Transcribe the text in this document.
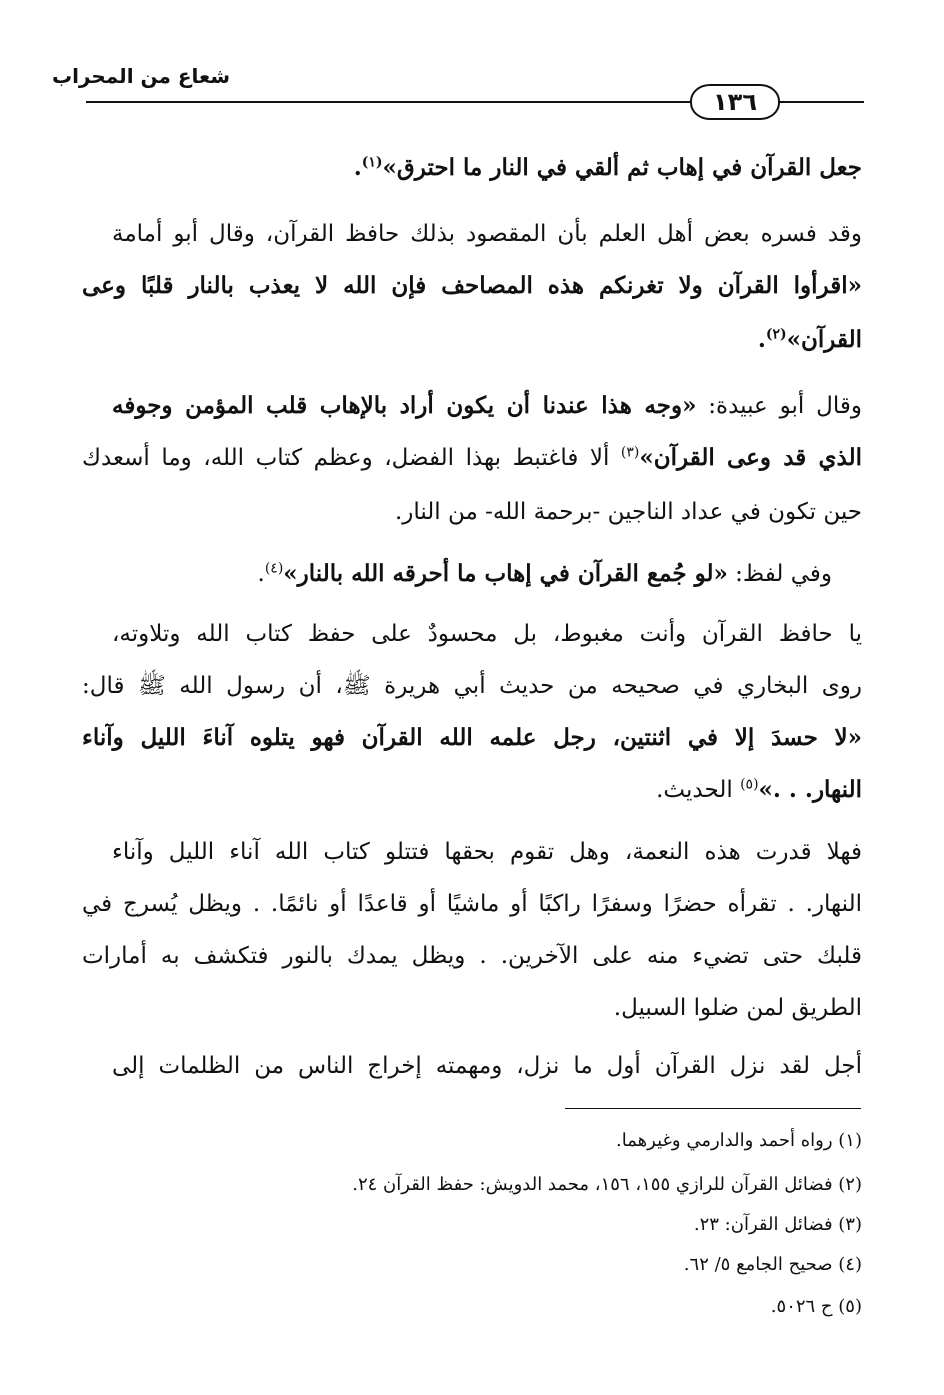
شعاع من المحراب
١٣٦
جعل القرآن في إهاب ثم ألقي في النار ما احترق»$^{(١)}$.
وقد فسره بعض أهل العلم بأن المقصود بذلك حافظ القرآن، وقال أبو أمامة
«اقرأوا القرآن ولا تغرنكم هذه المصاحف فإن الله لا يعذب بالنار قلبًا وعى
القرآن»$^{(٢)}$.
وقال أبو عبيدة: «وجه هذا عندنا أن يكون أراد بالإهاب قلب المؤمن وجوفه
الذي قد وعى القرآن»$^{(٣)}$ ألا فاغتبط بهذا الفضل، وعظم كتاب الله، وما أسعدك
حين تكون في عداد الناجين -برحمة الله- من النار.
وفي لفظ: «لو جُمع القرآن في إهاب ما أحرقه الله بالنار»$^{(٤)}$.
يا حافظ القرآن وأنت مغبوط، بل محسودٌ على حفظ كتاب الله وتلاوته،
روى البخاري في صحيحه من حديث أبي هريرة ﷺ، أن رسول الله ﷺ قال:
«لا حسدَ إلا في اثنتين، رجل علمه الله القرآن فهو يتلوه آناءَ الليل وآناء
النهار. . .»$^{(٥)}$ الحديث.
فهلا قدرت هذه النعمة، وهل تقوم بحقها فتتلو كتاب الله آناء الليل وآناء
النهار. . تقرأه حضرًا وسفرًا راكبًا أو ماشيًا أو قاعدًا أو نائمًا. . ويظل يُسرج في
قلبك حتى تضيء منه على الآخرين. . ويظل يمدك بالنور فتكشف به أمارات
الطريق لمن ضلوا السبيل.
أجل لقد نزل القرآن أول ما نزل، ومهمته إخراج الناس من الظلمات إلى
(١) رواه أحمد والدارمي وغيرهما.
(٢) فضائل القرآن للرازي ١٥٥، ١٥٦، محمد الدويش: حفظ القرآن ٢٤.
(٣) فضائل القرآن: ٢٣.
(٤) صحيح الجامع ٥/ ٦٢.
(٥) ح ٥٠٢٦.
